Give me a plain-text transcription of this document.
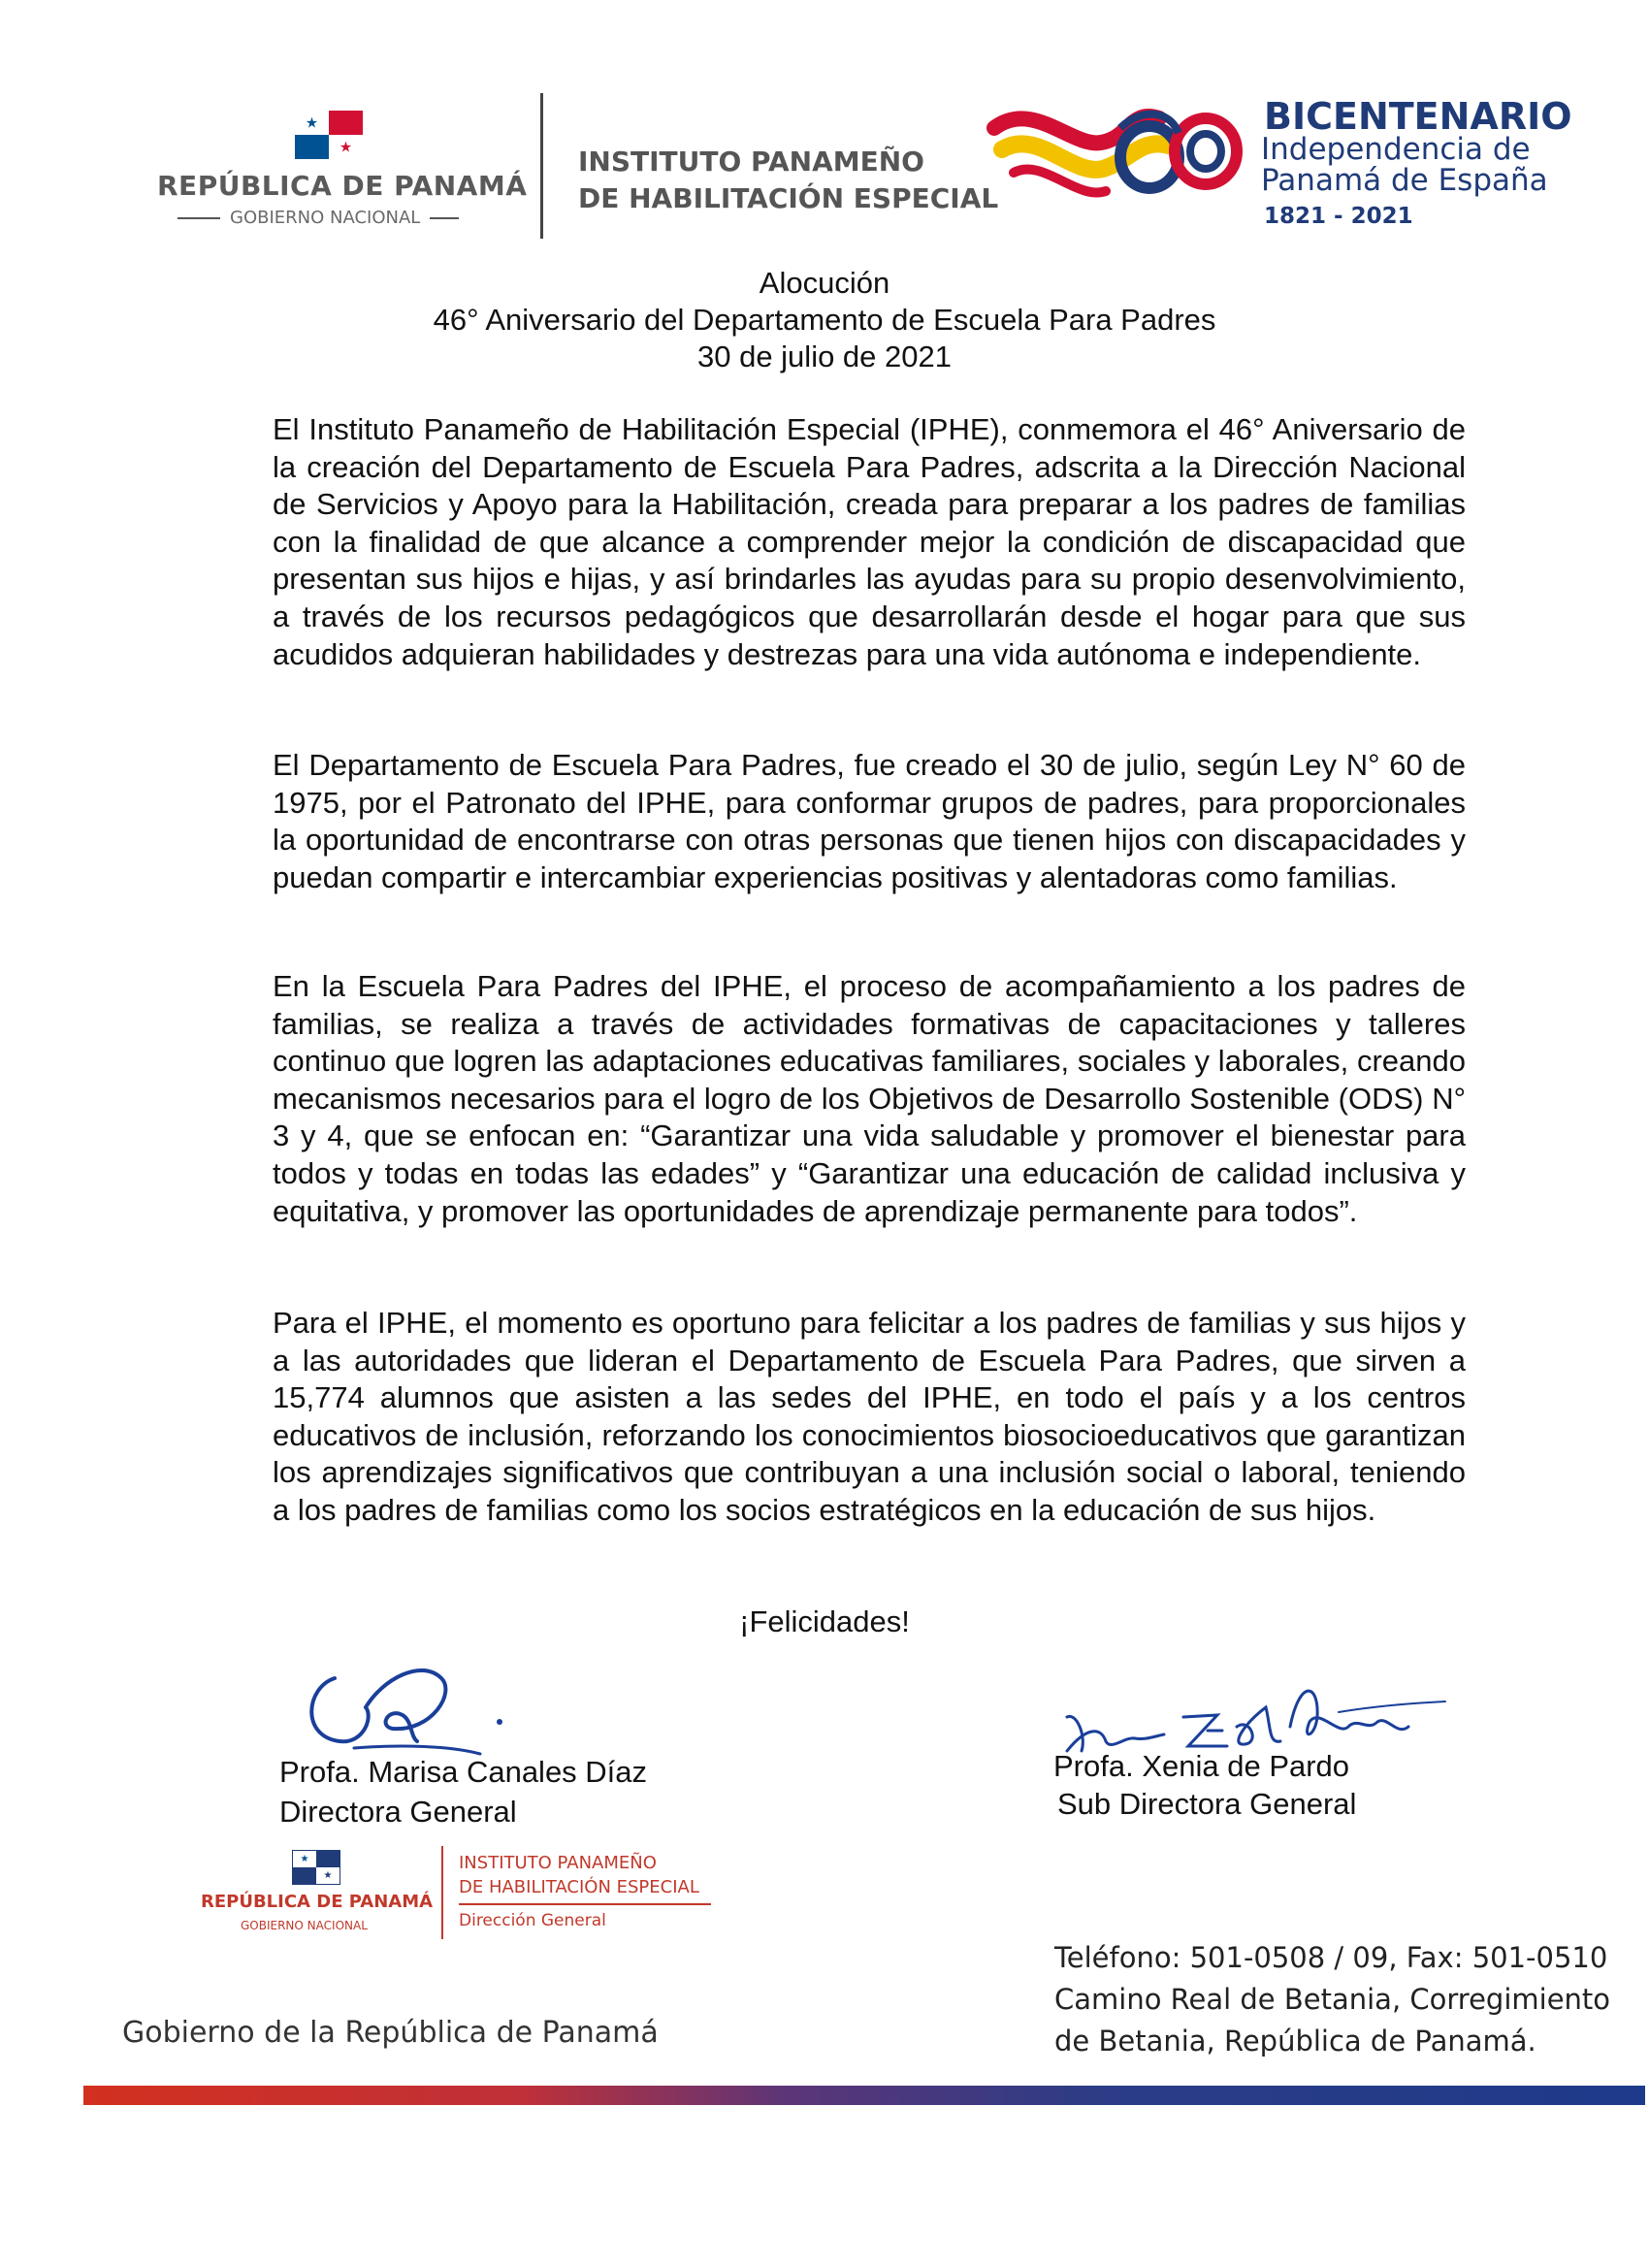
★
★
REPÚBLICA DE PANAMÁ
GOBIERNO NACIONAL
INSTITUTO PANAMEÑO
DE HABILITACIÓN ESPECIAL
BICENTENARIO
Independencia de
Panamá de España
1821 - 2021
Alocución
46° Aniversario del Departamento de Escuela Para Padres
30 de julio de 2021
El Instituto Panameño de Habilitación Especial (IPHE), conmemora el 46° Aniversario de la creación del Departamento de Escuela Para Padres, adscrita a la Dirección Nacional de Servicios y Apoyo para la Habilitación, creada para preparar a los padres de familias con la finalidad de que alcance a comprender mejor la condición de discapacidad que presentan sus hijos e hijas, y así brindarles las ayudas para su propio desenvolvimiento, a través de los recursos pedagógicos que desarrollarán desde el hogar para que sus acudidos adquieran habilidades y destrezas para una vida autónoma e independiente.
El Departamento de Escuela Para Padres, fue creado el 30 de julio, según Ley N° 60 de 1975, por el Patronato del IPHE, para conformar grupos de padres, para proporcionales la oportunidad de encontrarse con otras personas que tienen hijos con discapacidades y puedan compartir e intercambiar experiencias positivas y alentadoras como familias.
En la Escuela Para Padres del IPHE, el proceso de acompañamiento a los padres de familias, se realiza a través de actividades formativas de capacitaciones y talleres continuo que logren las adaptaciones educativas familiares, sociales y laborales, creando mecanismos necesarios para el logro de los Objetivos de Desarrollo Sostenible (ODS) N° 3 y 4, que se enfocan en: “Garantizar una vida saludable y promover el bienestar para todos y todas en todas las edades” y “Garantizar una educación de calidad inclusiva y equitativa, y promover las oportunidades de aprendizaje permanente para todos”.
Para el IPHE, el momento es oportuno para felicitar a los padres de familias y sus hijos y a las autoridades que lideran el Departamento de Escuela Para Padres, que sirven a 15,774 alumnos que asisten a las sedes del IPHE, en todo el país y a los centros educativos de inclusión, reforzando los conocimientos biosocioeducativos que garantizan los aprendizajes significativos que contribuyan a una inclusión social o laboral, teniendo a los padres de familias como los socios estratégicos en la educación de sus hijos.
¡Felicidades!
Profa. Marisa Canales Díaz
Directora General
Profa. Xenia de Pardo
Sub Directora General
★
★
REPÚBLICA DE PANAMÁ
GOBIERNO NACIONAL
INSTITUTO PANAMEÑO
DE HABILITACIÓN ESPECIAL
Dirección General
Teléfono: 501-0508 / 09, Fax: 501-0510
Camino Real de Betania, Corregimiento
de Betania, República de Panamá.
Gobierno de la República de Panamá
